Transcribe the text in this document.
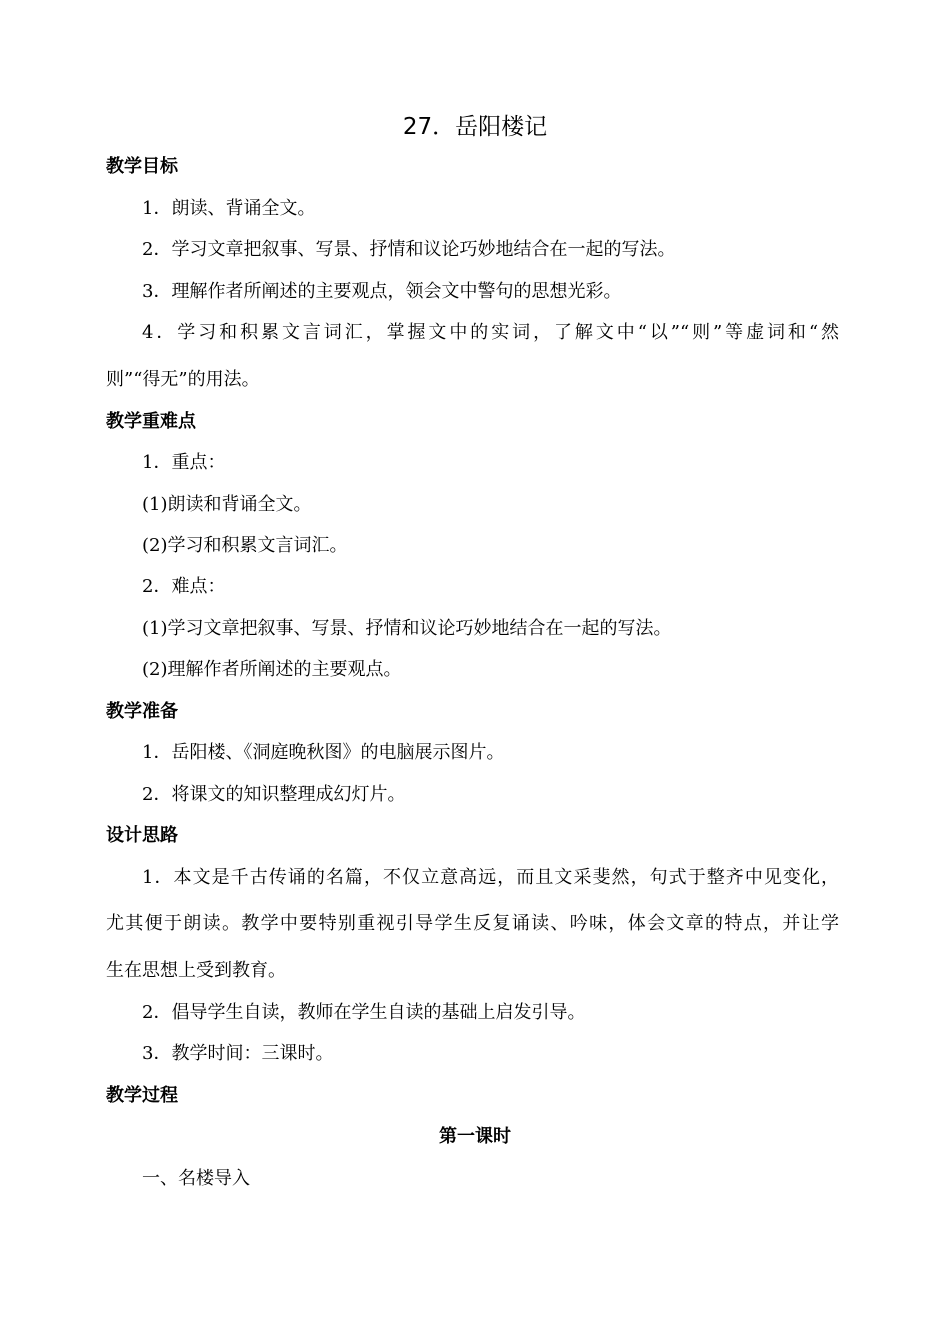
27．岳阳楼记
教学目标
1．朗读、背诵全文。
2．学习文章把叙事、写景、抒情和议论巧妙地结合在一起的写法。
3．理解作者所阐述的主要观点，领会文中警句的思想光彩。
4．学习和积累文言词汇，掌握文中的实词，了解文中“以”“则”等虚词和“然
则”“得无”的用法。
教学重难点
1．重点：
(1)朗读和背诵全文。
(2)学习和积累文言词汇。
2．难点：
(1)学习文章把叙事、写景、抒情和议论巧妙地结合在一起的写法。
(2)理解作者所阐述的主要观点。
教学准备
1．岳阳楼、《洞庭晚秋图》的电脑展示图片。
2．将课文的知识整理成幻灯片。
设计思路
1．本文是千古传诵的名篇，不仅立意高远，而且文采斐然，句式于整齐中见变化，
尤其便于朗读。教学中要特别重视引导学生反复诵读、吟味，体会文章的特点，并让学
生在思想上受到教育。
2．倡导学生自读，教师在学生自读的基础上启发引导。
3．教学时间：三课时。
教学过程
第一课时
一、名楼导入
